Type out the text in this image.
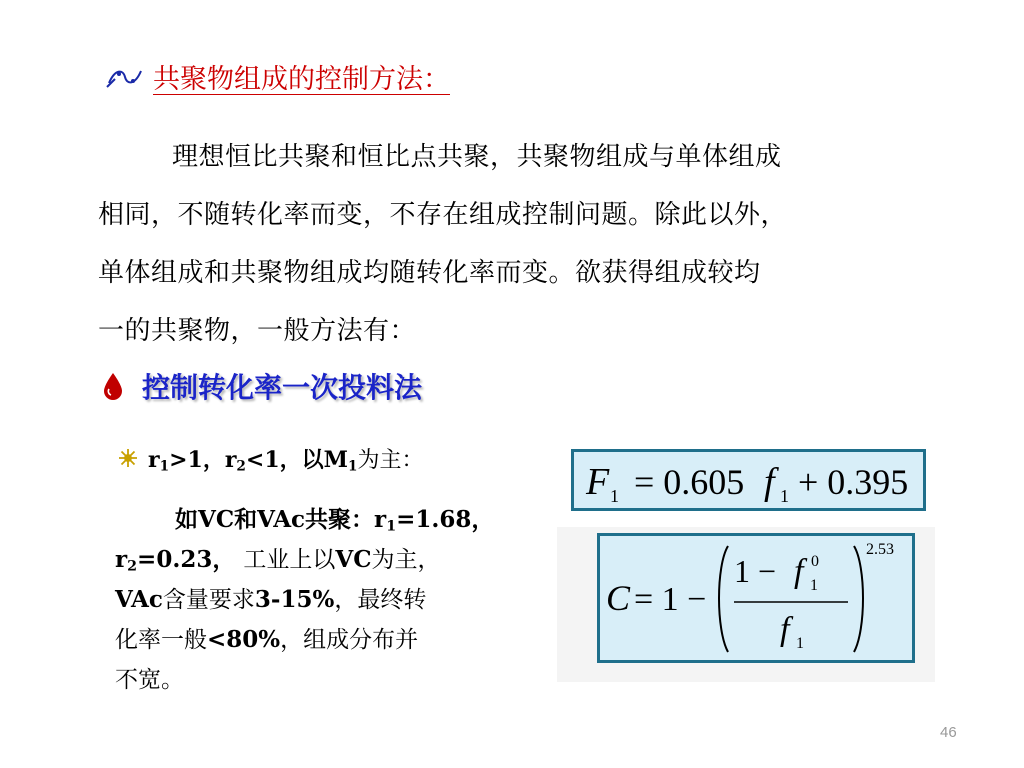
共聚物组成的控制方法：
理想恒比共聚和恒比点共聚，共聚物组成与单体组成
相同，不随转化率而变，不存在组成控制问题。除此以外，
单体组成和共聚物组成均随转化率而变。欲获得组成较均
一的共聚物，一般方法有：
控制转化率一次投料法
$r_1>1$，$r_2<1$，以$M_1$为主：
如VC和VAc共聚：$r_1=1.68$，
$r_2=0.23$， 工业上以VC为主，
VAc含量要求3-15%，最终转
化率一般<80%，组成分布并
不宽。
F 1 = 0.605 f 1 + 0.395
C = 1 −
1 − f 1
0
f 1
2.53
46
